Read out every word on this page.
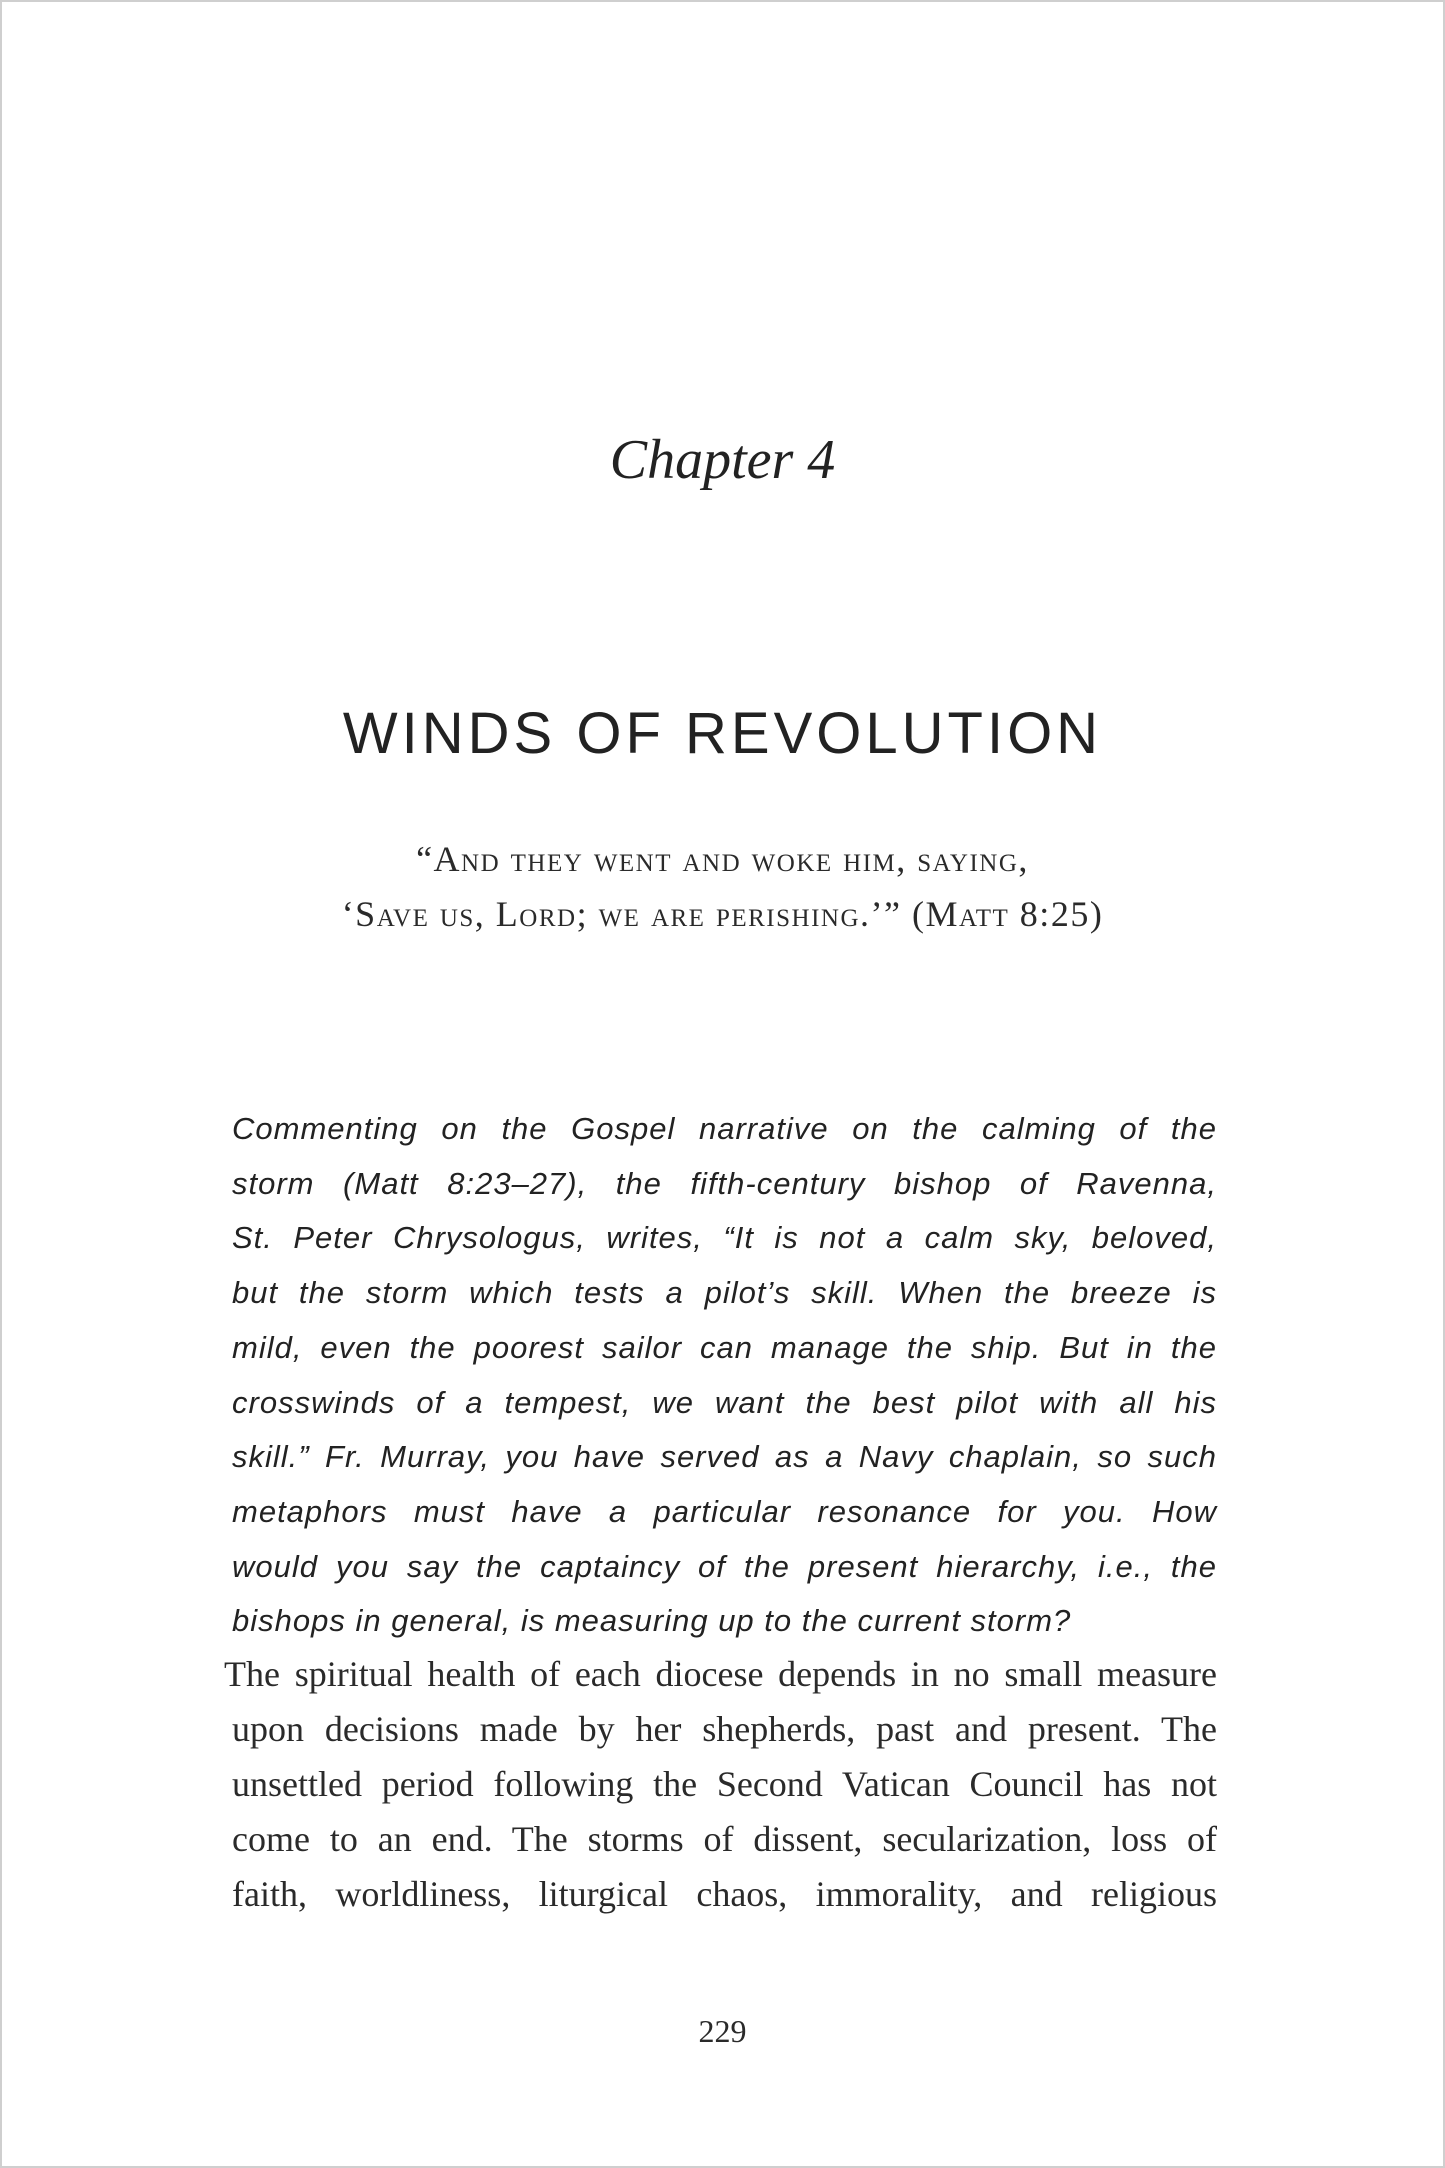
Chapter 4
WINDS OF REVOLUTION
“And they went and woke him, saying,
‘Save us, Lord; we are perishing.’” (Matt 8:25)
Commenting on the Gospel narrative on the calming of the
storm (Matt 8:23–27), the fifth-century bishop of Ravenna,
St. Peter Chrysologus, writes, “It is not a calm sky, beloved,
but the storm which tests a pilot’s skill. When the breeze is
mild, even the poorest sailor can manage the ship. But in the
crosswinds of a tempest, we want the best pilot with all his
skill.” Fr. Murray, you have served as a Navy chaplain, so such
metaphors must have a particular resonance for you. How
would you say the captaincy of the present hierarchy, i.e., the
bishops in general, is measuring up to the current storm?
The spiritual health of each diocese depends in no small measure
upon decisions made by her shepherds, past and present. The
unsettled period following the Second Vatican Council has not
come to an end. The storms of dissent, secularization, loss of
faith, worldliness, liturgical chaos, immorality, and religious
229
